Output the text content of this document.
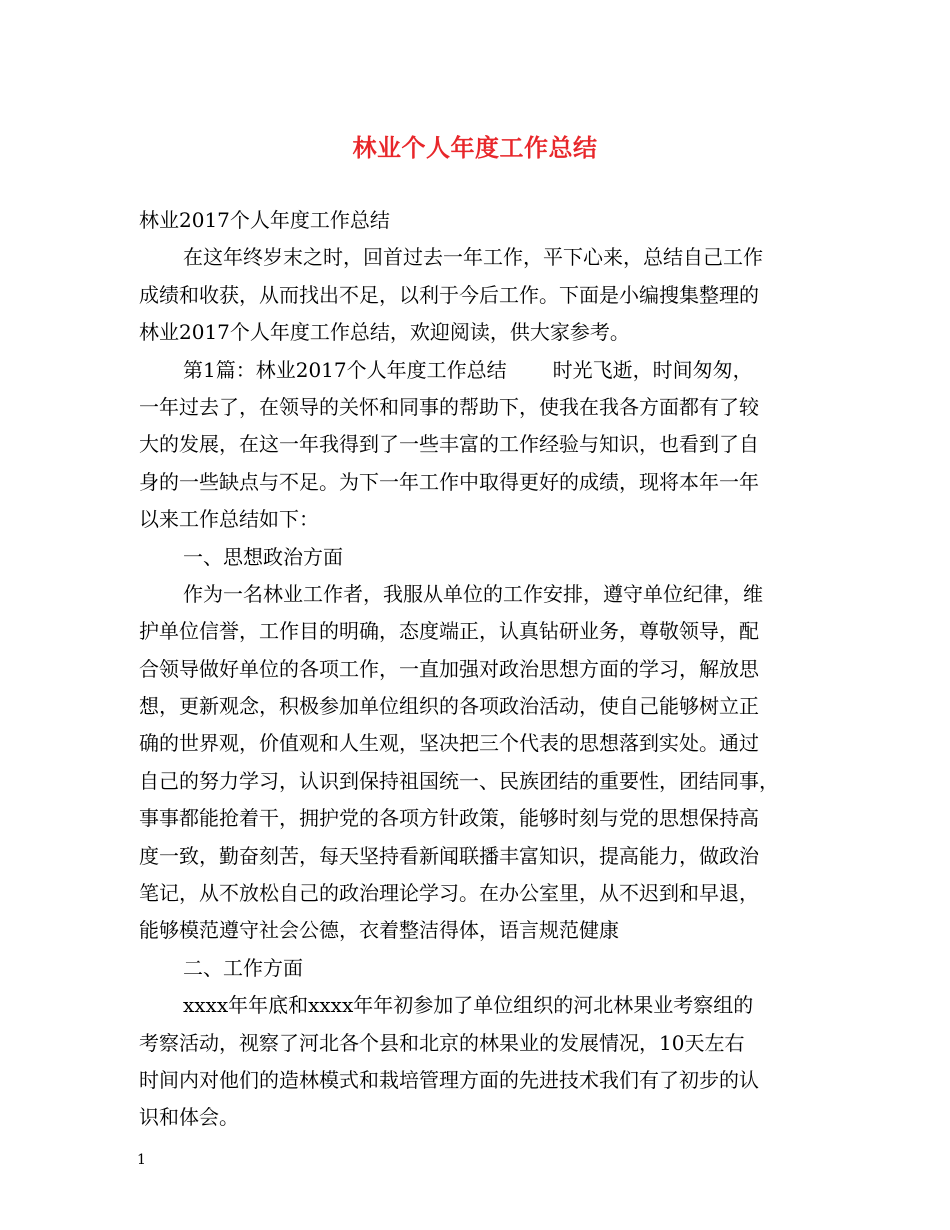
林业个人年度工作总结
林业2017个人年度工作总结
在这年终岁末之时，回首过去一年工作，平下心来，总结自己工作
成绩和收获，从而找出不足，以利于今后工作。下面是小编搜集整理的
林业2017个人年度工作总结，欢迎阅读，供大家参考。
第1篇：林业2017个人年度工作总结 时光飞逝，时间匆匆，
一年过去了，在领导的关怀和同事的帮助下，使我在我各方面都有了较
大的发展，在这一年我得到了一些丰富的工作经验与知识，也看到了自
身的一些缺点与不足。为下一年工作中取得更好的成绩，现将本年一年
以来工作总结如下：
一、思想政治方面
作为一名林业工作者，我服从单位的工作安排，遵守单位纪律，维
护单位信誉，工作目的明确，态度端正，认真钻研业务，尊敬领导，配
合领导做好单位的各项工作，一直加强对政治思想方面的学习，解放思
想，更新观念，积极参加单位组织的各项政治活动，使自己能够树立正
确的世界观，价值观和人生观，坚决把三个代表的思想落到实处。通过
自己的努力学习，认识到保持祖国统一、民族团结的重要性，团结同事，
事事都能抢着干，拥护党的各项方针政策，能够时刻与党的思想保持高
度一致，勤奋刻苦，每天坚持看新闻联播丰富知识，提高能力，做政治
笔记，从不放松自己的政治理论学习。在办公室里，从不迟到和早退，
能够模范遵守社会公德，衣着整洁得体，语言规范健康
二、工作方面
xxxx年年底和xxxx年年初参加了单位组织的河北林果业考察组的
考察活动，视察了河北各个县和北京的林果业的发展情况，10天左右
时间内对他们的造林模式和栽培管理方面的先进技术我们有了初步的认
识和体会。
1
